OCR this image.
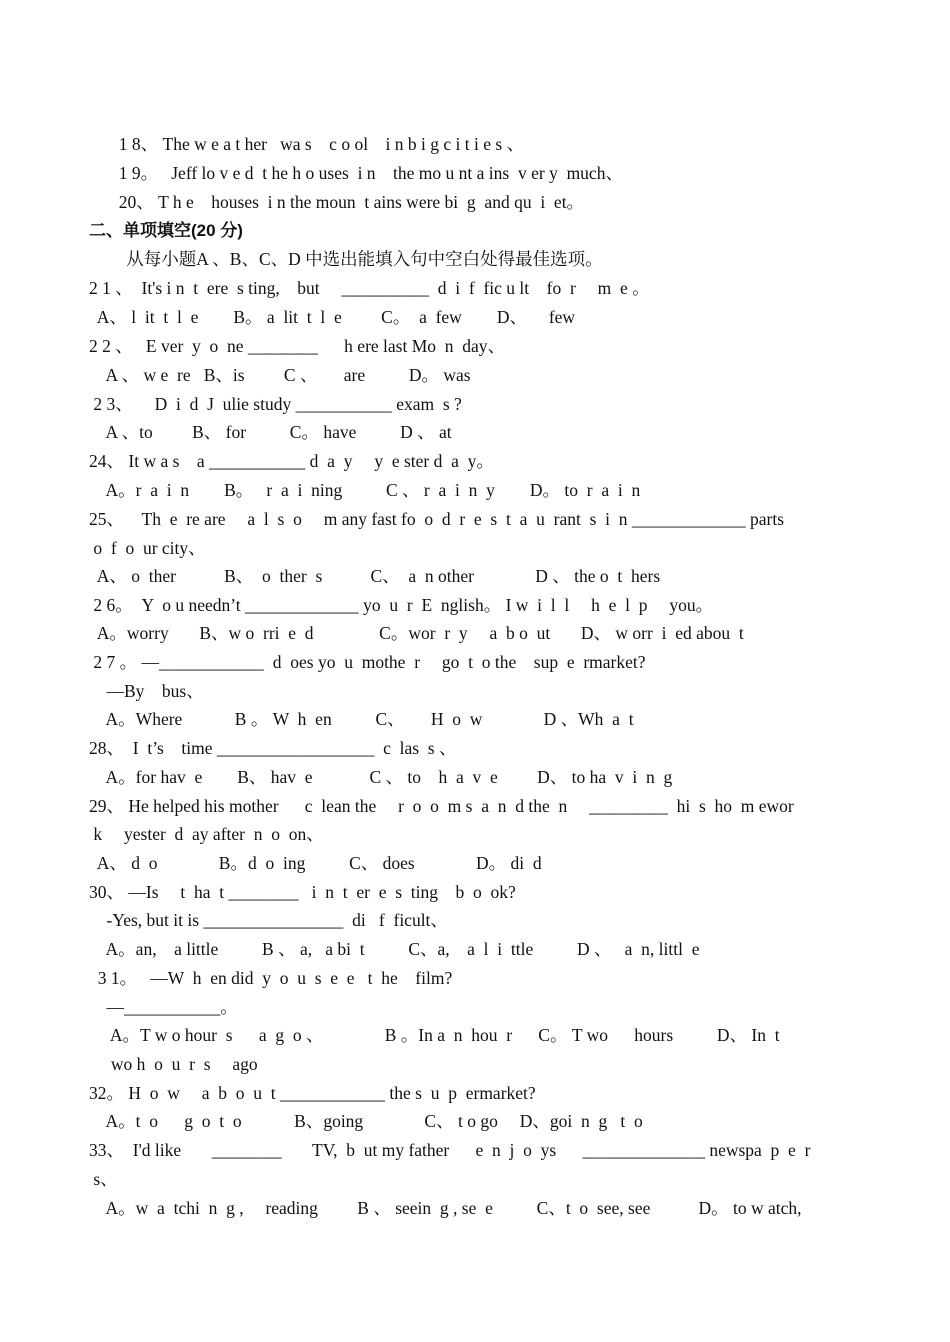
1 8、 The w e a t her   wa s    c o ol    i n b i g c i t i e s 、

1 9。   Jeff lo v e d  t he h o uses  i n    the mo u nt a ins  v er y  much、

20、 T h e    houses  i n the moun  t ains were bi  g  and qu  i  et。

二、单项填空(20 分)

从每小题A 、B、C、D 中选出能填入句中空白处得最佳选项。

2 1 、  It's i n  t  ere  s ting,    but     __________  d  i  f  fic u lt    fo  r     m  e 。

A、 l  it  t  l  e        B。 a  lit  t  l  e         C。  a  few        D、     few

2 2 、   E ver  y  o  ne ________      h ere last Mo  n  day、

A 、 w e  re   B、is         C 、      are          D。 was

2 3、     D  i  d  J  ulie study ___________ exam  s ?

A 、to         B、 for          C。 have          D 、 at

24、 It w a s    a ___________ d  a  y     y  e ster d  a  y。

A。r  a  i  n        B。   r  a  i  ning          C 、 r  a  i  n  y        D。 to  r  a  i  n

25、    Th  e  re are     a  l  s  o     m any fast fo  o  d  r  e  s  t  a  u  rant  s  i  n _____________ parts

o  f  o  ur city、

A、 o  ther           B、  o  ther  s           C、  a  n other              D 、 the o  t  hers

2 6。  Y  o u needn’t _____________ yo  u  r  E  nglish。 I w  i  l  l     h  e  l  p     you。

A。worry       B、w o  rri  e  d               C。wor  r  y     a  b o  ut       D、 w orr  i  ed abou  t

2 7 。 —____________  d  oes yo  u  mothe  r     go  t  o the    sup  e  rmarket?

—By    bus、

A。Where            B 。 W  h  en          C、      H  o  w              D 、Wh  a  t

28、  I  t’s    time __________________  c  las  s 、

A。for hav  e        B、 hav  e             C 、 to    h  a  v  e         D、 to ha  v  i  n  g

29、 He helped his mother      c  lean the     r  o  o  m s  a  n  d the  n     _________  hi  s  ho  m ewor

k     yester  d  ay after  n  o  on、

A、 d  o              B。d  o  ing          C、 does              D。 di  d

30、 —Is     t  ha  t ________   i  n  t  er  e  s  ting    b  o  ok?

-Yes, but it is ________________  di   f  ficult、

A。an,    a little          B 、 a,   a bi  t          C、a,    a  l  i  ttle          D 、   a  n, littl  e

3 1。   —W  h  en did  y  o  u  s  e  e   t  he    film?

—___________。

A。T w o hour  s      a  g  o 、              B 。In a  n  hou  r      C。 T wo      hours          D、 In  t

wo h  o  u  r  s     ago

32。 H  o  w     a  b  o  u  t ____________ the s  u  p  ermarket?

A。t  o      g  o  t  o            B、going              C、 t o go     D、goi  n  g   t  o

33、  I'd like       ________       TV,  b  ut my father      e  n  j  o  ys      ______________ newspa  p  e  r

s、

A。w  a  tchi  n  g ,     reading         B 、 seein  g , se  e          C、t  o  see, see           D。 to w atch,
